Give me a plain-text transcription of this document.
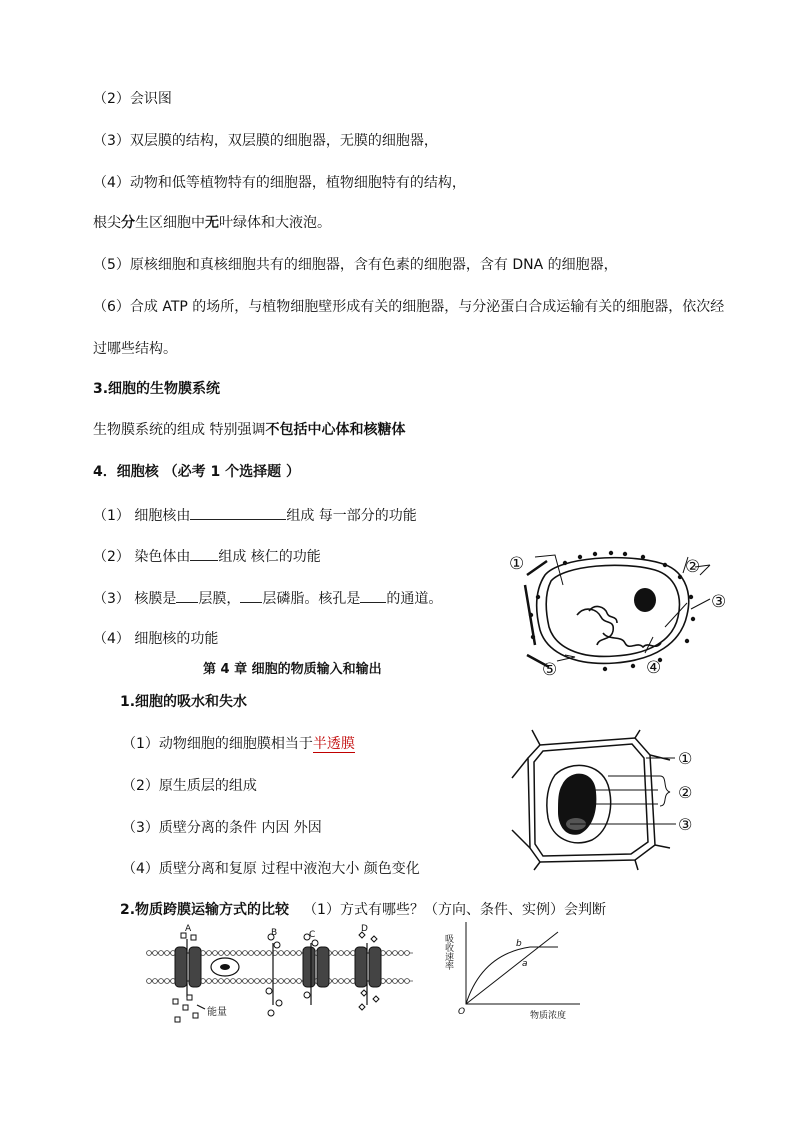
（2）会识图
（3）双层膜的结构，双层膜的细胞器，无膜的细胞器，
（4）动物和低等植物特有的细胞器，植物细胞特有的结构，
根尖分生区细胞中无叶绿体和大液泡。
（5）原核细胞和真核细胞共有的细胞器，含有色素的细胞器，含有 DNA 的细胞器，
（6）合成 ATP 的场所，与植物细胞壁形成有关的细胞器，与分泌蛋白合成运输有关的细胞器，依次经
过哪些结构。
3.细胞的生物膜系统
生物膜系统的组成 特别强调不包括中心体和核糖体
4．细胞核 （必考 1 个选择题 ）
（1） 细胞核由	组成 每一部分的功能
（2） 染色体由 组成 核仁的功能
（3） 核膜是 层膜， 层磷脂。核孔是 的通道。
（4） 细胞核的功能
第 4 章 细胞的物质输入和输出
1.细胞的吸水和失水
（1）动物细胞的细胞膜相当于半透膜
（2）原生质层的组成
（3）质壁分离的条件 内因 外因
（4）质壁分离和复原 过程中液泡大小 颜色变化
2.物质跨膜运输方式的比较 （1）方式有哪些？（方向、条件、实例）会判断
①	②
③
④
⑤
①
②
③
A	B	C
D
能量
吸收速率
物质浓度
O
a
b
